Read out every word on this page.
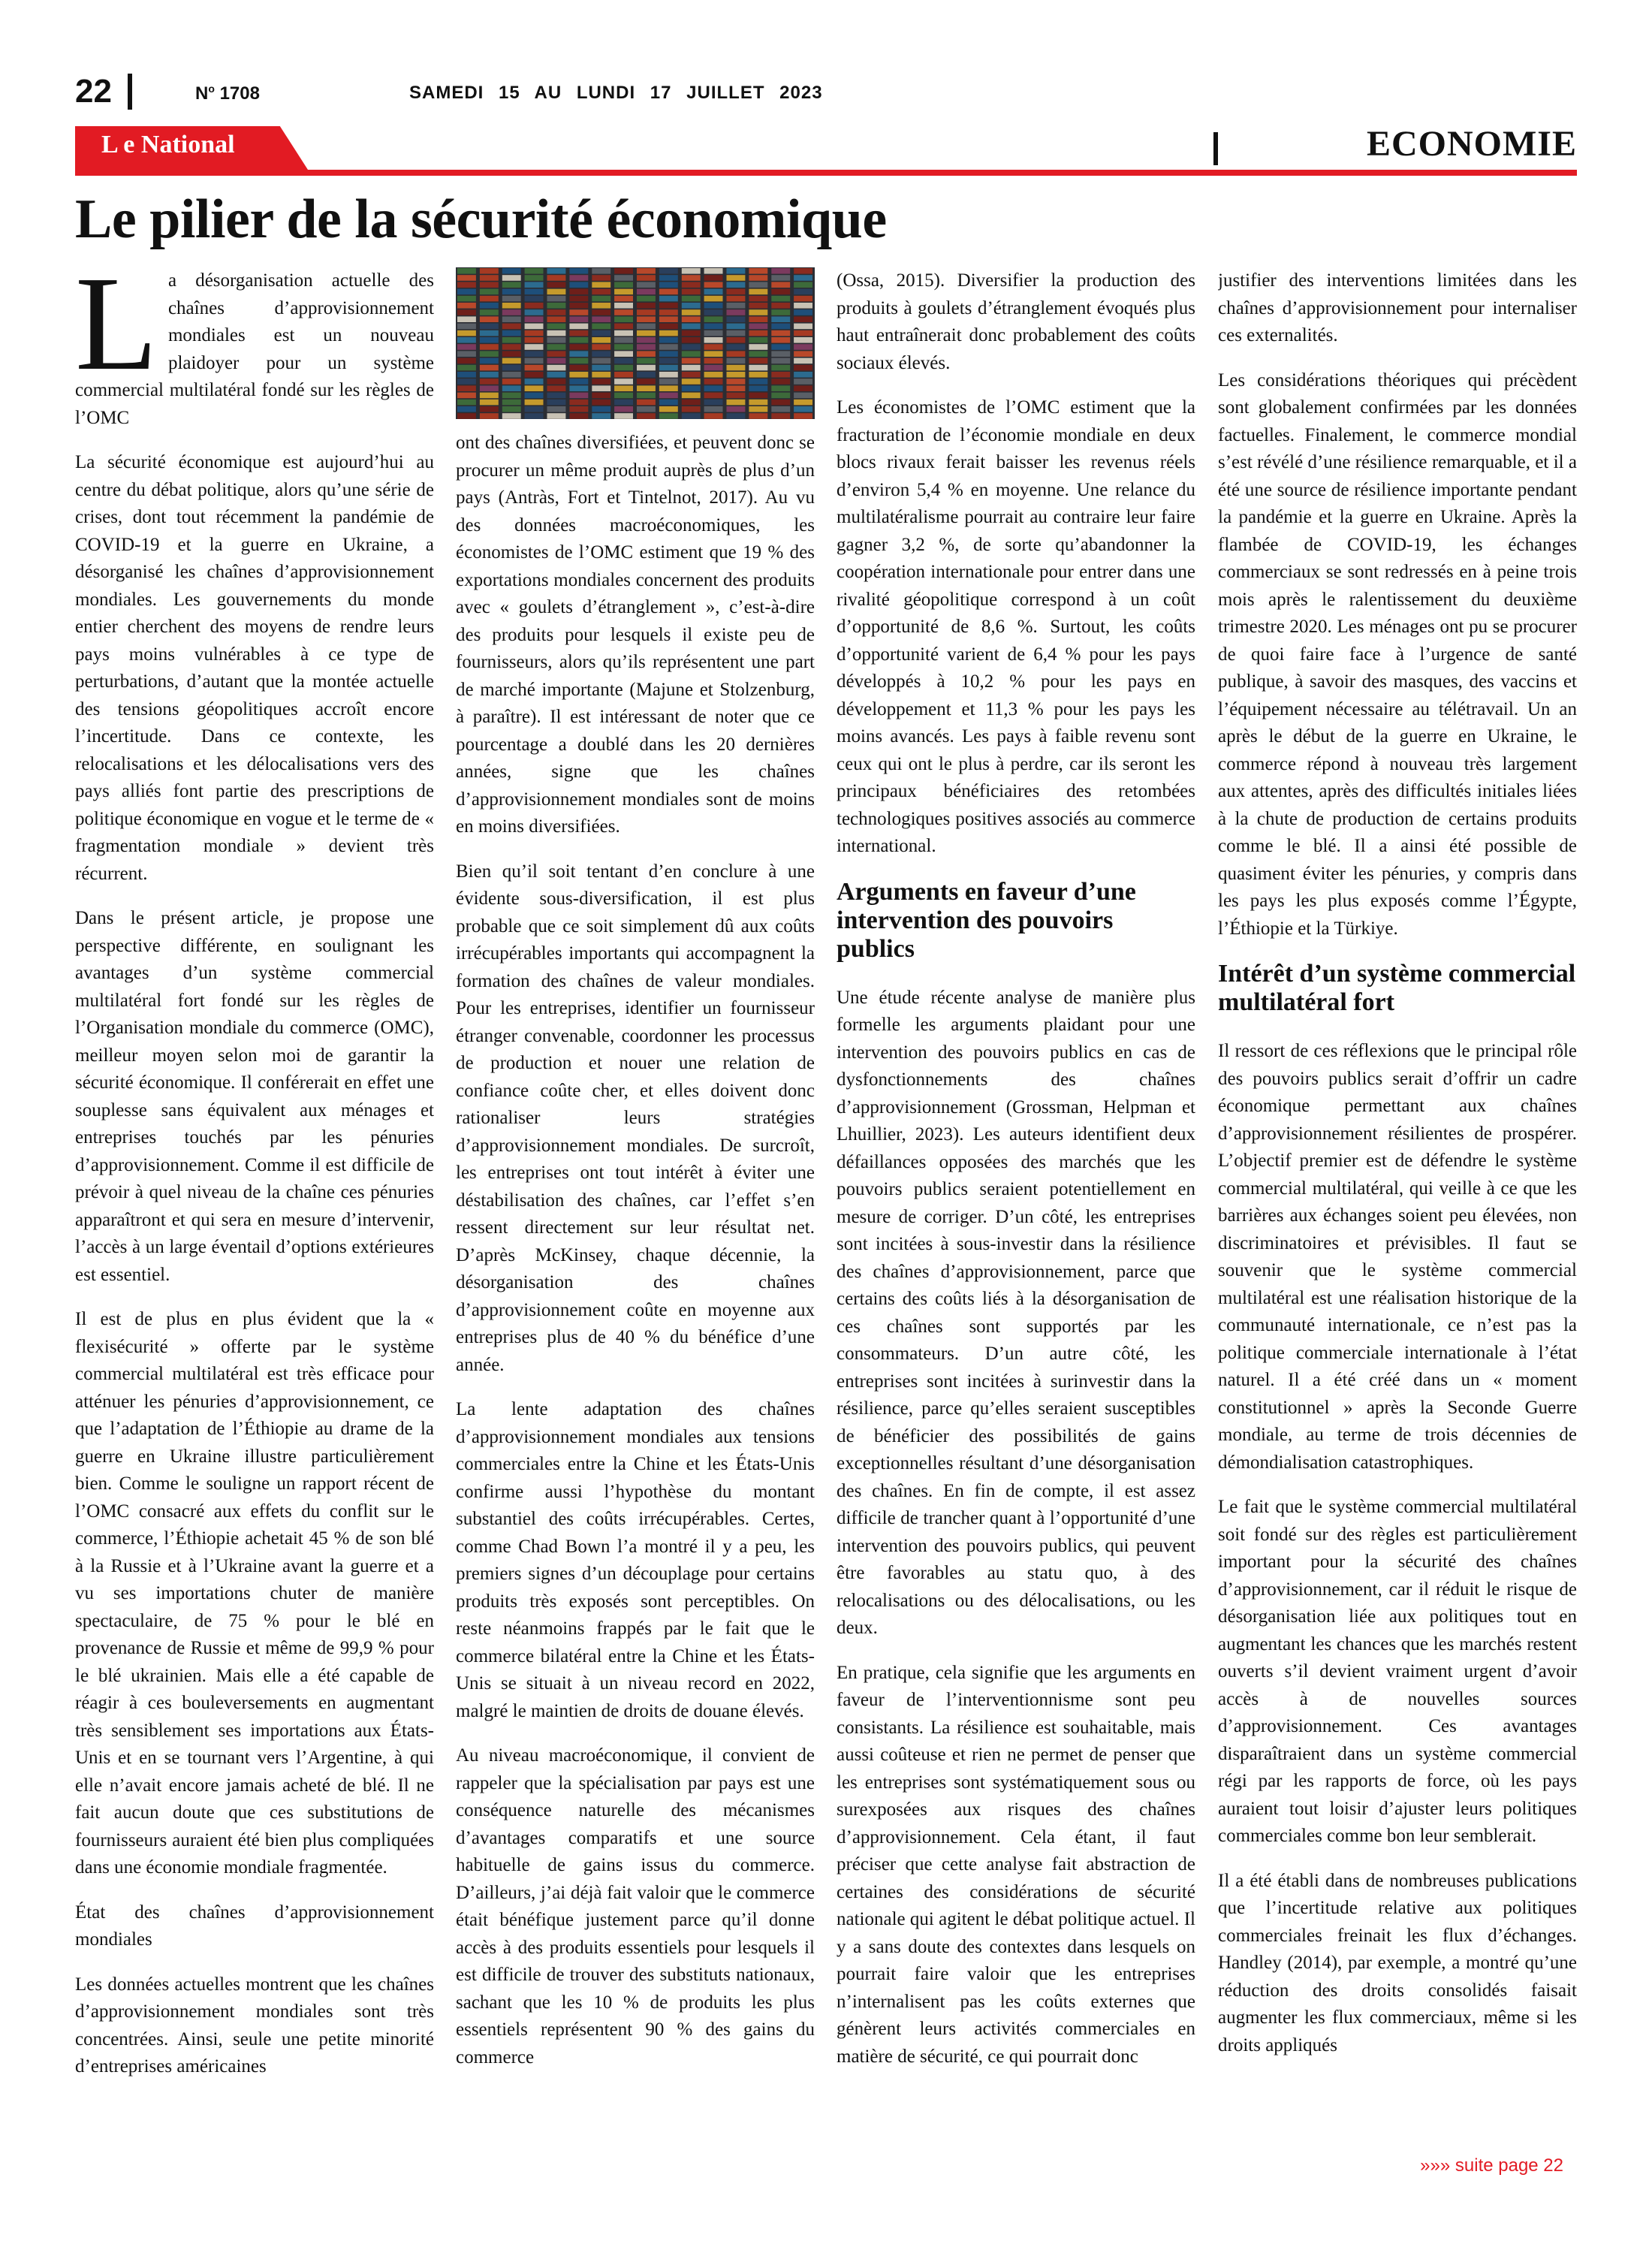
22	$N^o$ 1708	SAMEDI 15 AU LUNDI 17 JUILLET 2023
L e National	ECONOMIE
Le pilier de la sécurité économique
L a désorganisation actuelle des chaînes d’approvisionnement mondiales est un nouveau plaidoyer pour un système commercial multilatéral fondé sur les règles de l’OMC

La sécurité économique est aujourd’hui au centre du débat politique, alors qu’une série de crises, dont tout récemment la pandémie de COVID-19 et la guerre en Ukraine, a désorganisé les chaînes d’approvisionnement mondiales. Les gouvernements du monde entier cherchent des moyens de rendre leurs pays moins vulnérables à ce type de perturbations, d’autant que la montée actuelle des tensions géopolitiques accroît encore l’incertitude. Dans ce contexte, les relocalisations et les délocalisations vers des pays alliés font partie des prescriptions de politique économique en vogue et le terme de « fragmentation mondiale » devient très récurrent.

Dans le présent article, je propose une perspective différente, en soulignant les avantages d’un système commercial multilatéral fort fondé sur les règles de l’Organisation mondiale du commerce (OMC), meilleur moyen selon moi de garantir la sécurité économique. Il conférerait en effet une souplesse sans équivalent aux ménages et entreprises touchés par les pénuries d’approvisionnement. Comme il est difficile de prévoir à quel niveau de la chaîne ces pénuries apparaîtront et qui sera en mesure d’intervenir, l’accès à un large éventail d’options extérieures est essentiel.

Il est de plus en plus évident que la « flexisécurité » offerte par le système commercial multilatéral est très efficace pour atténuer les pénuries d’approvisionnement, ce que l’adaptation de l’Éthiopie au drame de la guerre en Ukraine illustre particulièrement bien. Comme le souligne un rapport récent de l’OMC consacré aux effets du conflit sur le commerce, l’Éthiopie achetait 45 % de son blé à la Russie et à l’Ukraine avant la guerre et a vu ses importations chuter de manière spectaculaire, de 75 % pour le blé en provenance de Russie et même de 99,9 % pour le blé ukrainien. Mais elle a été capable de réagir à ces bouleversements en augmentant très sensiblement ses importations aux États-Unis et en se tournant vers l’Argentine, à qui elle n’avait encore jamais acheté de blé. Il ne fait aucun doute que ces substitutions de fournisseurs auraient été bien plus compliquées dans une économie mondiale fragmentée.

État des chaînes d’approvisionnement mondiales

Les données actuelles montrent que les chaînes d’approvisionnement mondiales sont très concentrées. Ainsi, seule une petite minorité d’entreprises américaines

ont des chaînes diversifiées, et peuvent donc se procurer un même produit auprès de plus d’un pays (Antràs, Fort et Tintelnot, 2017). Au vu des données macroéconomiques, les économistes de l’OMC estiment que 19 % des exportations mondiales concernent des produits avec « goulets d’étranglement », c’est-à-dire des produits pour lesquels il existe peu de fournisseurs, alors qu’ils représentent une part de marché importante (Majune et Stolzenburg, à paraître). Il est intéressant de noter que ce pourcentage a doublé dans les 20 dernières années, signe que les chaînes d’approvisionnement mondiales sont de moins en moins diversifiées.

Bien qu’il soit tentant d’en conclure à une évidente sous-diversification, il est plus probable que ce soit simplement dû aux coûts irrécupérables importants qui accompagnent la formation des chaînes de valeur mondiales. Pour les entreprises, identifier un fournisseur étranger convenable, coordonner les processus de production et nouer une relation de confiance coûte cher, et elles doivent donc rationaliser leurs stratégies d’approvisionnement mondiales. De surcroît, les entreprises ont tout intérêt à éviter une déstabilisation des chaînes, car l’effet s’en ressent directement sur leur résultat net. D’après McKinsey, chaque décennie, la désorganisation des chaînes d’approvisionnement coûte en moyenne aux entreprises plus de 40 % du bénéfice d’une année.

La lente adaptation des chaînes d’approvisionnement mondiales aux tensions commerciales entre la Chine et les États-Unis confirme aussi l’hypothèse du montant substantiel des coûts irrécupérables. Certes, comme Chad Bown l’a montré il y a peu, les premiers signes d’un découplage pour certains produits très exposés sont perceptibles. On reste néanmoins frappés par le fait que le commerce bilatéral entre la Chine et les États-Unis se situait à un niveau record en 2022, malgré le maintien de droits de douane élevés.

Au niveau macroéconomique, il convient de rappeler que la spécialisation par pays est une conséquence naturelle des mécanismes d’avantages comparatifs et une source habituelle de gains issus du commerce. D’ailleurs, j’ai déjà fait valoir que le commerce était bénéfique justement parce qu’il donne accès à des produits essentiels pour lesquels il est difficile de trouver des substituts nationaux, sachant que les 10 % de produits les plus essentiels représentent 90 % des gains du commerce

(Ossa, 2015). Diversifier la production des produits à goulets d’étranglement évoqués plus haut entraînerait donc probablement des coûts sociaux élevés.

Les économistes de l’OMC estiment que la fracturation de l’économie mondiale en deux blocs rivaux ferait baisser les revenus réels d’environ 5,4 % en moyenne. Une relance du multilatéralisme pourrait au contraire leur faire gagner 3,2 %, de sorte qu’abandonner la coopération internationale pour entrer dans une rivalité géopolitique correspond à un coût d’opportunité de 8,6 %. Surtout, les coûts d’opportunité varient de 6,4 % pour les pays développés à 10,2 % pour les pays en développement et 11,3 % pour les pays les moins avancés. Les pays à faible revenu sont ceux qui ont le plus à perdre, car ils seront les principaux bénéficiaires des retombées technologiques positives associés au commerce international.

Arguments en faveur d’une intervention des pouvoirs publics

Une étude récente analyse de manière plus formelle les arguments plaidant pour une intervention des pouvoirs publics en cas de dysfonctionnements des chaînes d’approvisionnement (Grossman, Helpman et Lhuillier, 2023). Les auteurs identifient deux défaillances opposées des marchés que les pouvoirs publics seraient potentiellement en mesure de corriger. D’un côté, les entreprises sont incitées à sous-investir dans la résilience des chaînes d’approvisionnement, parce que certains des coûts liés à la désorganisation de ces chaînes sont supportés par les consommateurs. D’un autre côté, les entreprises sont incitées à surinvestir dans la résilience, parce qu’elles seraient susceptibles de bénéficier des possibilités de gains exceptionnelles résultant d’une désorganisation des chaînes. En fin de compte, il est assez difficile de trancher quant à l’opportunité d’une intervention des pouvoirs publics, qui peuvent être favorables au statu quo, à des relocalisations ou des délocalisations, ou les deux.

En pratique, cela signifie que les arguments en faveur de l’interventionnisme sont peu consistants. La résilience est souhaitable, mais aussi coûteuse et rien ne permet de penser que les entreprises sont systématiquement sous ou surexposées aux risques des chaînes d’approvisionnement. Cela étant, il faut préciser que cette analyse fait abstraction de certaines des considérations de sécurité nationale qui agitent le débat politique actuel. Il y a sans doute des contextes dans lesquels on pourrait faire valoir que les entreprises n’internalisent pas les coûts externes que génèrent leurs activités commerciales en matière de sécurité, ce qui pourrait donc

justifier des interventions limitées dans les chaînes d’approvisionnement pour internaliser ces externalités.

Les considérations théoriques qui précèdent sont globalement confirmées par les données factuelles. Finalement, le commerce mondial s’est révélé d’une résilience remarquable, et il a été une source de résilience importante pendant la pandémie et la guerre en Ukraine. Après la flambée de COVID-19, les échanges commerciaux se sont redressés en à peine trois mois après le ralentissement du deuxième trimestre 2020. Les ménages ont pu se procurer de quoi faire face à l’urgence de santé publique, à savoir des masques, des vaccins et l’équipement nécessaire au télétravail. Un an après le début de la guerre en Ukraine, le commerce répond à nouveau très largement aux attentes, après des difficultés initiales liées à la chute de production de certains produits comme le blé. Il a ainsi été possible de quasiment éviter les pénuries, y compris dans les pays les plus exposés comme l’Égypte, l’Éthiopie et la Türkiye.

Intérêt d’un système commercial multilatéral fort

Il ressort de ces réflexions que le principal rôle des pouvoirs publics serait d’offrir un cadre économique permettant aux chaînes d’approvisionnement résilientes de prospérer. L’objectif premier est de défendre le système commercial multilatéral, qui veille à ce que les barrières aux échanges soient peu élevées, non discriminatoires et prévisibles. Il faut se souvenir que le système commercial multilatéral est une réalisation historique de la communauté internationale, ce n’est pas la politique commerciale internationale à l’état naturel. Il a été créé dans un « moment constitutionnel » après la Seconde Guerre mondiale, au terme de trois décennies de démondialisation catastrophiques.

Le fait que le système commercial multilatéral soit fondé sur des règles est particulièrement important pour la sécurité des chaînes d’approvisionnement, car il réduit le risque de désorganisation liée aux politiques tout en augmentant les chances que les marchés restent ouverts s’il devient vraiment urgent d’avoir accès à de nouvelles sources d’approvisionnement. Ces avantages disparaîtraient dans un système commercial régi par les rapports de force, où les pays auraient tout loisir d’ajuster leurs politiques commerciales comme bon leur semblerait.

Il a été établi dans de nombreuses publications que l’incertitude relative aux politiques commerciales freinait les flux d’échanges. Handley (2014), par exemple, a montré qu’une réduction des droits consolidés faisait augmenter les flux commerciaux, même si les droits appliqués

»»» suite page 22
